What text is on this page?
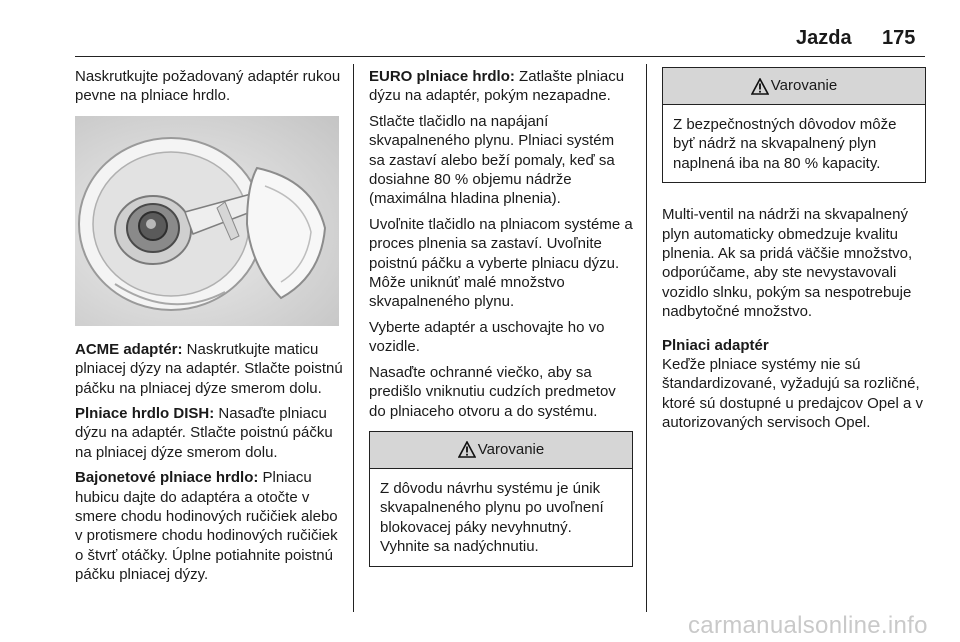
Jazda 175

Naskrutkujte požadovaný adaptér rukou pevne na plniace hrdlo.

ACME adaptér: Naskrutkujte maticu plniacej dýzy na adaptér. Stlačte poistnú páčku na plniacej dýze smerom dolu.

Plniace hrdlo DISH: Nasaďte plniacu dýzu na adaptér. Stlačte poistnú páčku na plniacej dýze smerom dolu.

Bajonetové plniace hrdlo: Plniacu hubicu dajte do adaptéra a otočte v smere chodu hodinových ručičiek alebo v protismere chodu hodinových ručičiek o štvrť otáčky. Úplne potiahnite poistnú páčku plniacej dýzy.

EURO plniace hrdlo: Zatlašte plniacu dýzu na adaptér, pokým nezapadne.

Stlačte tlačidlo na napájaní skvapalneného plynu. Plniaci systém sa zastaví alebo beží pomaly, keď sa dosiahne 80 % objemu nádrže (maximálna hladina plnenia).

Uvoľnite tlačidlo na plniacom systéme a proces plnenia sa zastaví. Uvoľnite poistnú páčku a vyberte plniacu dýzu. Môže uniknúť malé množstvo skvapalneného plynu.

Vyberte adaptér a uschovajte ho vo vozidle.

Nasaďte ochranné viečko, aby sa predišlo vniknutiu cudzích predmetov do plniaceho otvoru a do systému.

Varovanie
Z dôvodu návrhu systému je únik skvapalneného plynu po uvoľnení blokovacej páky nevyhnutný. Vyhnite sa nadýchnutiu.
Varovanie
Z bezpečnostných dôvodov môže byť nádrž na skvapalnený plyn naplnená iba na 80 % kapacity.

Multi-ventil na nádrži na skvapalnený plyn automaticky obmedzuje kvalitu plnenia. Ak sa pridá väčšie množstvo, odporúčame, aby ste nevystavovali vozidlo slnku, pokým sa nespotrebuje nadbytočné množstvo.

Plniaci adaptér

Keďže plniace systémy nie sú štandardizované, vyžadujú sa rozličné, ktoré sú dostupné u predajcov Opel a v autorizovaných servisoch Opel.

carmanualsonline.info
